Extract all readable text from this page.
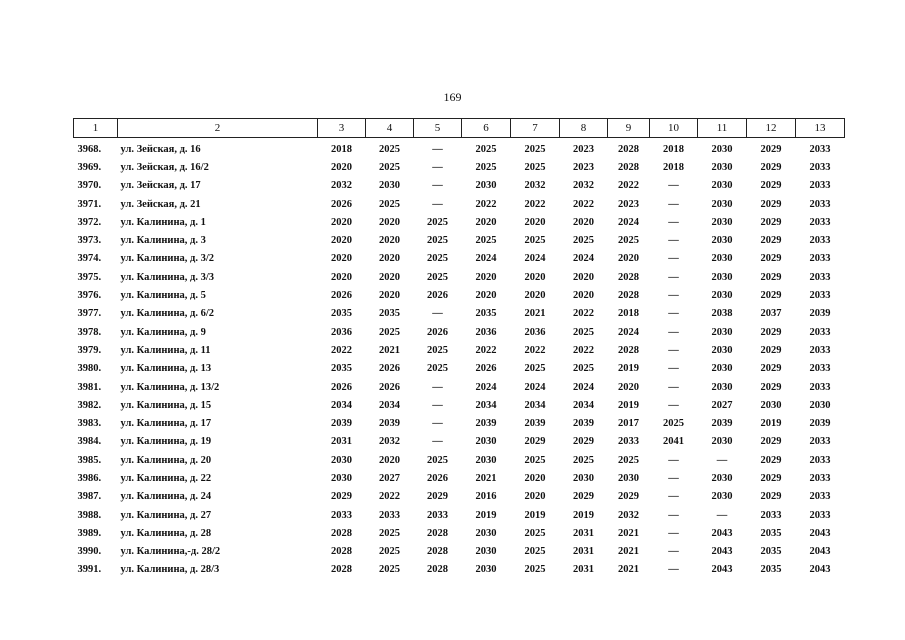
169
1	2	3	4	5	6	7	8	9	10	11	12	13
3968.	ул. Зейская, д. 16	2018	2025	—	2025	2025	2023	2028	2018	2030	2029	2033
3969.	ул. Зейская, д. 16/2	2020	2025	—	2025	2025	2023	2028	2018	2030	2029	2033
3970.	ул. Зейская, д. 17	2032	2030	—	2030	2032	2032	2022	—	2030	2029	2033
3971.	ул. Зейская, д. 21	2026	2025	—	2022	2022	2022	2023	—	2030	2029	2033
3972.	ул. Калинина, д. 1	2020	2020	2025	2020	2020	2020	2024	—	2030	2029	2033
3973.	ул. Калинина, д. 3	2020	2020	2025	2025	2025	2025	2025	—	2030	2029	2033
3974.	ул. Калинина, д. 3/2	2020	2020	2025	2024	2024	2024	2020	—	2030	2029	2033
3975.	ул. Калинина, д. 3/3	2020	2020	2025	2020	2020	2020	2028	—	2030	2029	2033
3976.	ул. Калинина, д. 5	2026	2020	2026	2020	2020	2020	2028	—	2030	2029	2033
3977.	ул. Калинина, д. 6/2	2035	2035	—	2035	2021	2022	2018	—	2038	2037	2039
3978.	ул. Калинина, д. 9	2036	2025	2026	2036	2036	2025	2024	—	2030	2029	2033
3979.	ул. Калинина, д. 11	2022	2021	2025	2022	2022	2022	2028	—	2030	2029	2033
3980.	ул. Калинина, д. 13	2035	2026	2025	2026	2025	2025	2019	—	2030	2029	2033
3981.	ул. Калинина, д. 13/2	2026	2026	—	2024	2024	2024	2020	—	2030	2029	2033
3982.	ул. Калинина, д. 15	2034	2034	—	2034	2034	2034	2019	—	2027	2030	2030
3983.	ул. Калинина, д. 17	2039	2039	—	2039	2039	2039	2017	2025	2039	2019	2039
3984.	ул. Калинина, д. 19	2031	2032	—	2030	2029	2029	2033	2041	2030	2029	2033
3985.	ул. Калинина, д. 20	2030	2020	2025	2030	2025	2025	2025	—	—	2029	2033
3986.	ул. Калинина, д. 22	2030	2027	2026	2021	2020	2030	2030	—	2030	2029	2033
3987.	ул. Калинина, д. 24	2029	2022	2029	2016	2020	2029	2029	—	2030	2029	2033
3988.	ул. Калинина, д. 27	2033	2033	2033	2019	2019	2019	2032	—	—	2033	2033
3989.	ул. Калинина, д. 28	2028	2025	2028	2030	2025	2031	2021	—	2043	2035	2043
3990.	ул. Калинина,-д. 28/2	2028	2025	2028	2030	2025	2031	2021	—	2043	2035	2043
3991.	ул. Калинина, д. 28/3	2028	2025	2028	2030	2025	2031	2021	—	2043	2035	2043
